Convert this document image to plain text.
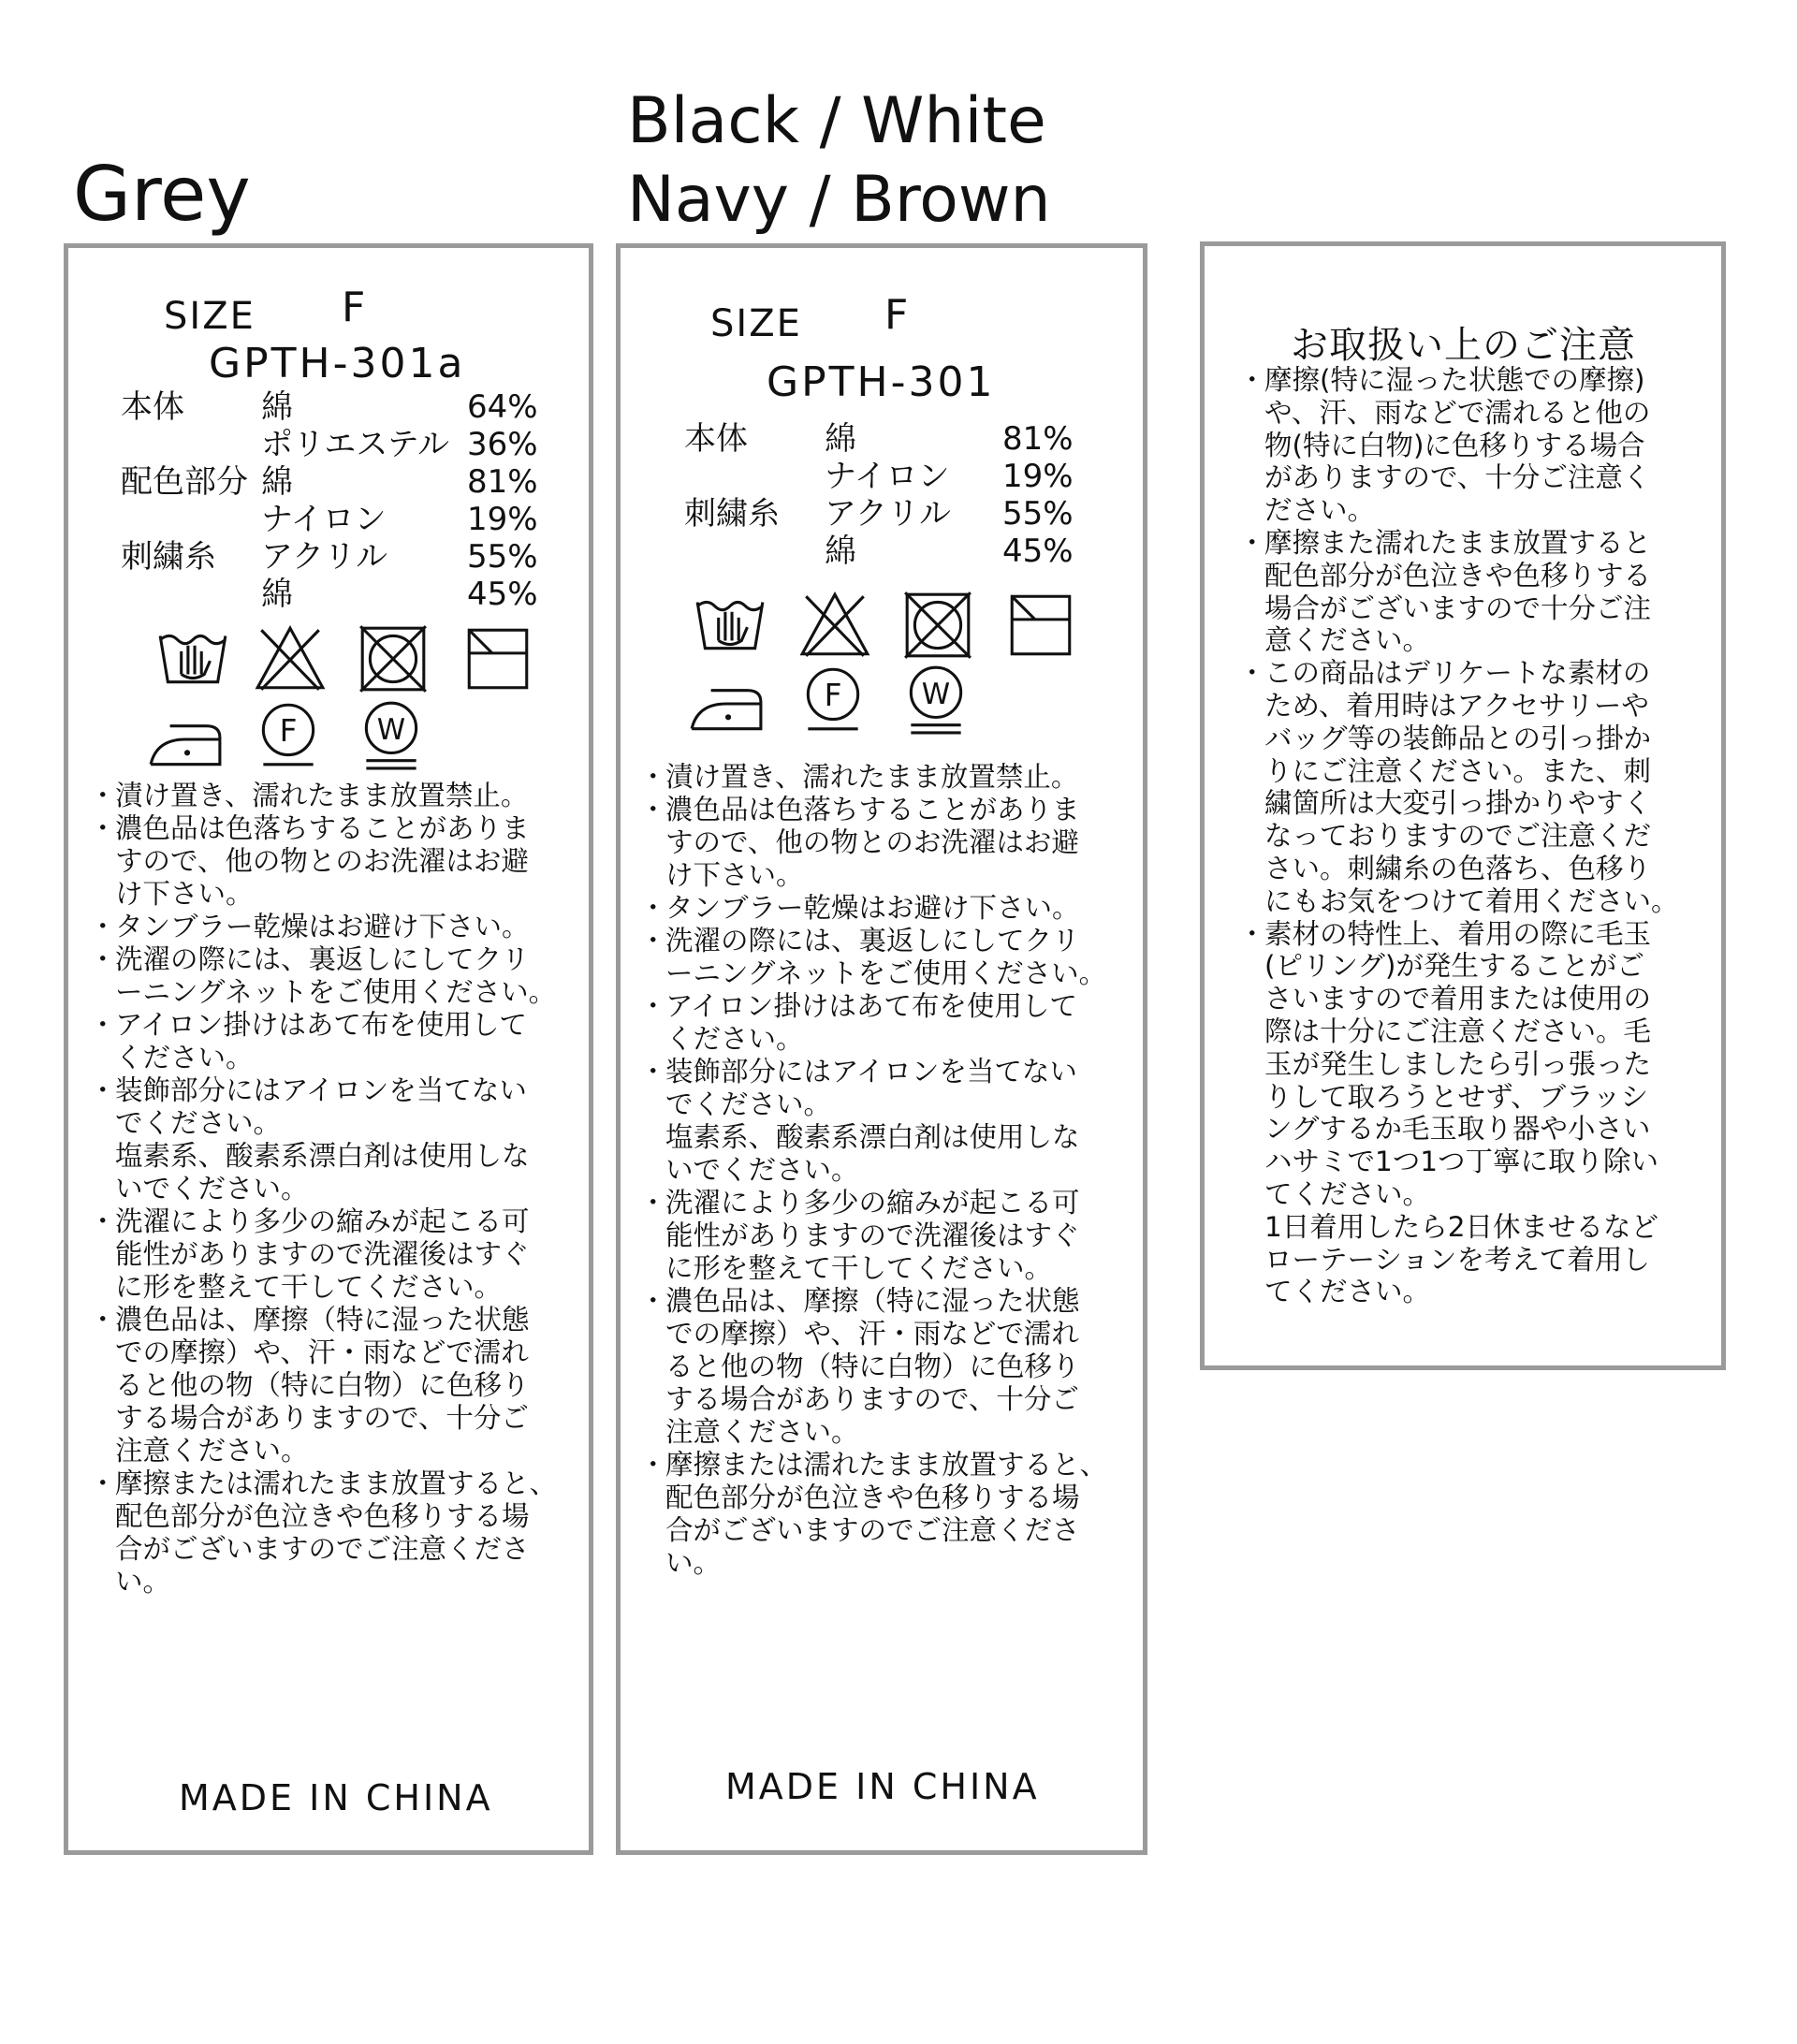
Grey
Black / White
Navy / Brown
SIZE F
GPTH-301a
本体 綿	64%
ポリエステル 36%
配色部分 綿	81%
ナイロン	19%
刺繍糸 アクリル	55%
綿	45%
F	W
・
漬け置き、濡れたまま放置禁止。
・
濃色品は色落ちすることがありま
すので、他の物とのお洗濯はお避
け下さい。
・
タンブラー乾燥はお避け下さい。
・
洗濯の際には、裏返しにしてクリ
ーニングネットをご使用ください。
・
アイロン掛けはあて布を使用して
ください。
・
装飾部分にはアイロンを当てない
でください。
塩素系、酸素系漂白剤は使用しな
いでください。
・
洗濯により多少の縮みが起こる可
能性がありますので洗濯後はすぐ
に形を整えて干してください。
・
濃色品は、摩擦（特に湿った状態
での摩擦）や、汗・雨などで濡れ
ると他の物（特に白物）に色移り
する場合がありますので、十分ご
注意ください。
・
摩擦または濡れたまま放置すると、
配色部分が色泣きや色移りする場
合がございますのでご注意くださ
い。
MADE IN CHINA
SIZE F
GPTH-301
本体 綿	81%
ナイロン 19%
刺繍糸 アクリル 55%
綿	45%
F	W
・
漬け置き、濡れたまま放置禁止。
・
濃色品は色落ちすることがありま
すので、他の物とのお洗濯はお避
け下さい。
・
タンブラー乾燥はお避け下さい。
・
洗濯の際には、裏返しにしてクリ
ーニングネットをご使用ください。
・
アイロン掛けはあて布を使用して
ください。
・
装飾部分にはアイロンを当てない
でください。
塩素系、酸素系漂白剤は使用しな
いでください。
・
洗濯により多少の縮みが起こる可
能性がありますので洗濯後はすぐ
に形を整えて干してください。
・
濃色品は、摩擦（特に湿った状態
での摩擦）や、汗・雨などで濡れ
ると他の物（特に白物）に色移り
する場合がありますので、十分ご
注意ください。
・
摩擦または濡れたまま放置すると、
配色部分が色泣きや色移りする場
合がございますのでご注意くださ
い。
MADE IN CHINA
お取扱い上のご注意
・
摩擦(特に湿った状態での摩擦)
や、汗、雨などで濡れると他の
物(特に白物)に色移りする場合
がありますので、十分ご注意く
ださい。
・
摩擦また濡れたまま放置すると
配色部分が色泣きや色移りする
場合がございますので十分ご注
意ください。
・
この商品はデリケートな素材の
ため、着用時はアクセサリーや
バッグ等の装飾品との引っ掛か
りにご注意ください。また、刺
繍箇所は大変引っ掛かりやすく
なっておりますのでご注意くだ
さい。刺繍糸の色落ち、色移り
にもお気をつけて着用ください。
・
素材の特性上、着用の際に毛玉
(ピリング)が発生することがご
さいますので着用または使用の
際は十分にご注意ください。毛
玉が発生しましたら引っ張った
りして取ろうとせず、ブラッシ
ングするか毛玉取り器や小さい
ハサミで1つ1つ丁寧に取り除い
てください。
1日着用したら2日休ませるなど
ローテーションを考えて着用し
てください。
